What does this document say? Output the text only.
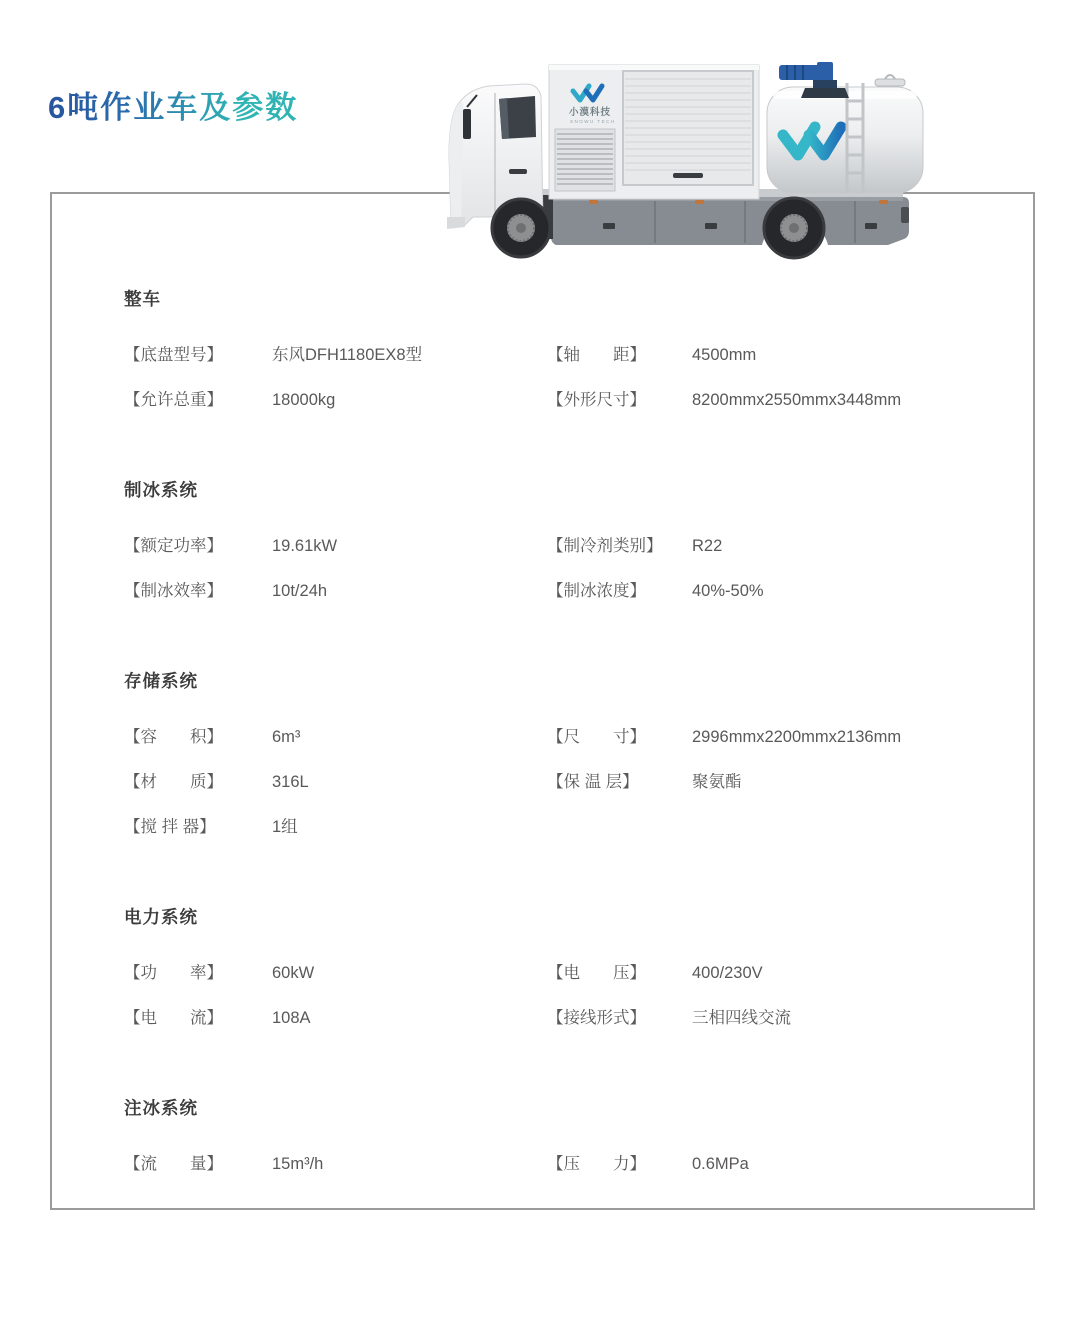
6吨作业车及参数
整车
【底盘型号】	东风DFH1180EX8型	【轴　　距】	4500mm
【允许总重】	18000kg	【外形尺寸】	8200mmx2550mmx3448mm
制冰系统
【额定功率】	19.61kW	【制冷剂类别】	R22
【制冰效率】	10t/24h	【制冰浓度】	40%-50%
存储系统
【容　　积】	6m³	【尺　　寸】	2996mmx2200mmx2136mm
【材　　质】	316L	【保 温 层】	聚氨酯
【搅 拌 器】	1组
电力系统
【功　　率】	60kW	【电　　压】	400/230V
【电　　流】	108A	【接线形式】	三相四线交流
注冰系统
【流　　量】	15m³/h	【压　　力】	0.6MPa
小漠科技
SNOWU TECH
